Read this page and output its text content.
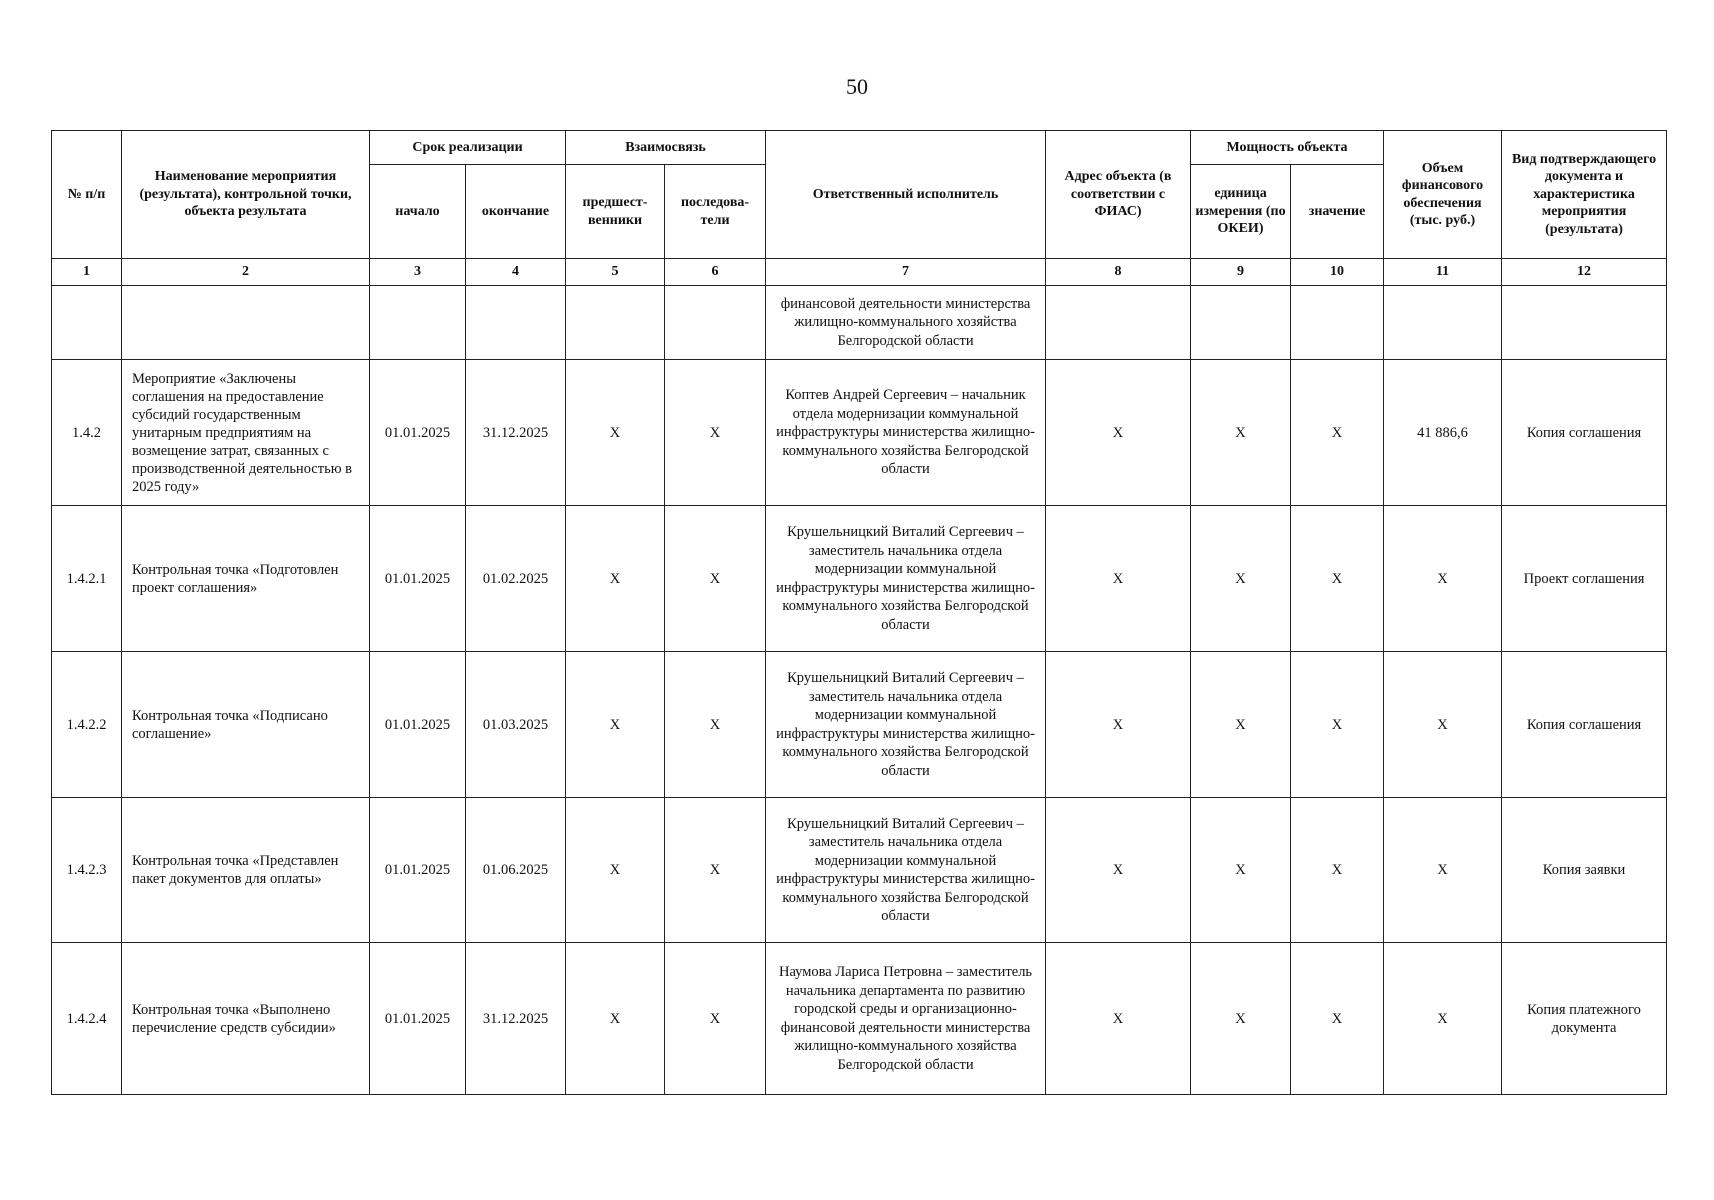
50
№ п/п	Наименование мероприятия (результата), контрольной точки, объекта результата	Срок реализации		Взаимосвязь		Ответственный исполнитель	Адрес объекта (в соответствии с ФИАС)	Мощность объекта		Объем финансового обеспечения (тыс. руб.)	Вид подтверждающего документа и характеристика мероприятия (результата)
		начало	окончание	предшест-венники	последова-тели			единица измерения (по ОКЕИ)	значение		
1	2	3	4	5	6	7	8	9	10	11	12
						финансовой деятельности министерства жилищно-коммунального хозяйства Белгородской области					
1.4.2	Мероприятие «Заключены соглашения на предоставление субсидий государственным унитарным предприятиям на возмещение затрат, связанных с производственной деятельностью в 2025 году»	01.01.2025	31.12.2025	X	X	Коптев Андрей Сергеевич – начальник отдела модернизации коммунальной инфраструктуры министерства жилищно-коммунального хозяйства Белгородской области	X	X	X	41 886,6	Копия соглашения
1.4.2.1	Контрольная точка «Подготовлен проект соглашения»	01.01.2025	01.02.2025	X	X	Крушельницкий Виталий Сергеевич – заместитель начальника отдела модернизации коммунальной инфраструктуры министерства жилищно-коммунального хозяйства Белгородской области	X	X	X	X	Проект соглашения
1.4.2.2	Контрольная точка «Подписано соглашение»	01.01.2025	01.03.2025	X	X	Крушельницкий Виталий Сергеевич – заместитель начальника отдела модернизации коммунальной инфраструктуры министерства жилищно-коммунального хозяйства Белгородской области	X	X	X	X	Копия соглашения
1.4.2.3	Контрольная точка «Представлен пакет документов для оплаты»	01.01.2025	01.06.2025	X	X	Крушельницкий Виталий Сергеевич – заместитель начальника отдела модернизации коммунальной инфраструктуры министерства жилищно-коммунального хозяйства Белгородской области	X	X	X	X	Копия заявки
1.4.2.4	Контрольная точка «Выполнено перечисление средств субсидии»	01.01.2025	31.12.2025	X	X	Наумова Лариса Петровна – заместитель начальника департамента по развитию городской среды и организационно-финансовой деятельности министерства жилищно-коммунального хозяйства Белгородской области	X	X	X	X	Копия платежного документа
